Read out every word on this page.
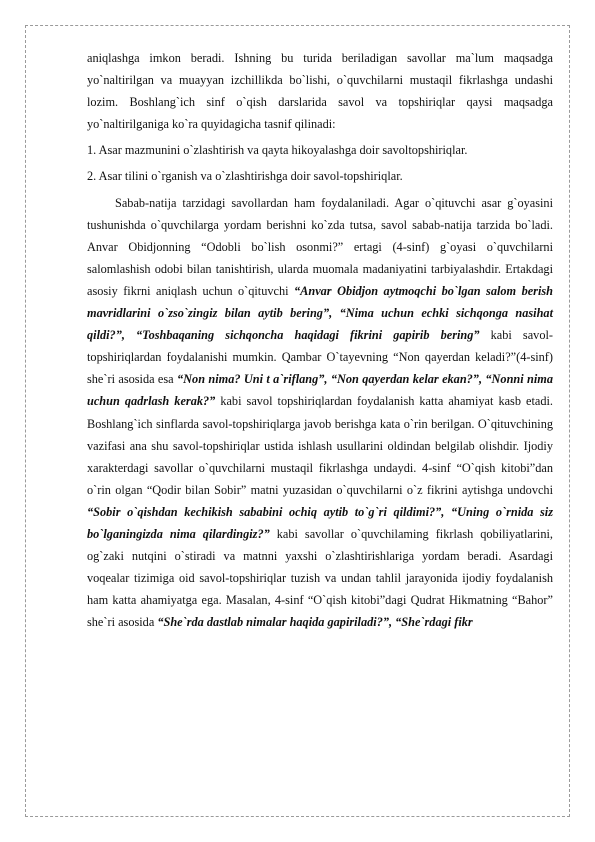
aniqlashga imkon beradi. Ishning bu turida beriladigan savollar ma`lum maqsadga yo`naltirilgan va muayyan izchillikda bo`lishi, o`quvchilarni mustaqil fikrlashga undashi lozim. Boshlang`ich sinf o`qish darslarida savol va topshiriqlar qaysi maqsadga yo`naltirilganiga ko`ra quyidagicha tasnif qilinadi:

1. Asar mazmunini o`zlashtirish va qayta hikoyalashga doir savoltopshiriqlar.

2. Asar tilini o`rganish va o`zlashtirishga doir savol-topshiriqlar.

Sabab-natija tarzidagi savollardan ham foydalaniladi. Agar o`qituvchi asar g`oyasini tushunishda o`quvchilarga yordam berishni ko`zda tutsa, savol sabab-natija tarzida bo`ladi. Anvar Obidjonning “Odobli bo`lish osonmi?” ertagi (4-sinf) g`oyasi o`quvchilarni salomlashish odobi bilan tanishtirish, ularda muomala madaniyatini tarbiyalashdir. Ertakdagi asosiy fikrni aniqlash uchun o`qituvchi “Anvar Obidjon aytmoqchi bo`lgan salom berish mavridlarini o`zso`zingiz bilan aytib bering”, “Nima uchun echki sichqonga nasihat qildi?”, “Toshbaqaning sichqoncha haqidagi fikrini gapirib bering” kabi savol-topshiriqlardan foydalanishi mumkin. Qambar O`tayevning “Non qayerdan keladi?”(4-sinf) she`ri asosida esa “Non nima? Uni t a`riflang”, “Non qayerdan kelar ekan?”, “Nonni nima uchun qadrlash kerak?” kabi savol topshiriqlardan foydalanish katta ahamiyat kasb etadi. Boshlang`ich sinflarda savol-topshiriqlarga javob berishga kata o`rin berilgan. O`qituvchining vazifasi ana shu savol-topshiriqlar ustida ishlash usullarini oldindan belgilab olishdir. Ijodiy xarakterdagi savollar o`quvchilarni mustaqil fikrlashga undaydi. 4-sinf “O`qish kitobi”dan o`rin olgan “Qodir bilan Sobir” matni yuzasidan o`quvchilarni o`z fikrini aytishga undovchi “Sobir o`qishdan kechikish sababini ochiq aytib to`g`ri qildimi?”, “Uning o`rnida siz bo`lganingizda nima qilardingiz?” kabi savollar o`quvchilaming fikrlash qobiliyatlarini, og`zaki nutqini o`stiradi va matnni yaxshi o`zlashtirishlariga yordam beradi. Asardagi voqealar tizimiga oid savol-topshiriqlar tuzish va undan tahlil jarayonida ijodiy foydalanish ham katta ahamiyatga ega. Masalan, 4-sinf “O`qish kitobi”dagi Qudrat Hikmatning “Bahor” she`ri asosida “She`rda dastlab nimalar haqida gapiriladi?”, “She`rdagi fikr
